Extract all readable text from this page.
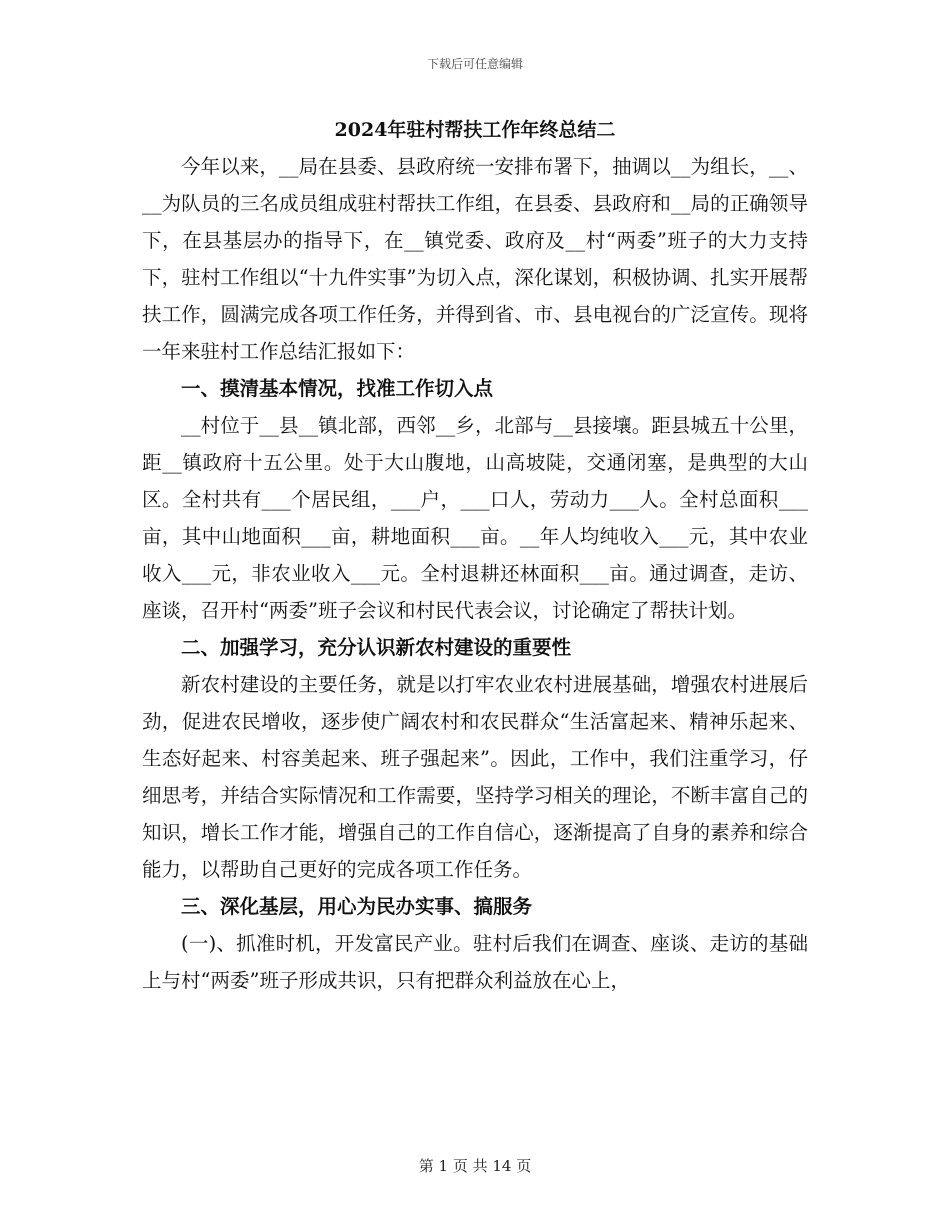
下载后可任意编辑
2024年驻村帮扶工作年终总结二

今年以来，__局在县委、县政府统一安排布署下，抽调以__为组长，__、__为队员的三名成员组成驻村帮扶工作组，在县委、县政府和__局的正确领导下，在县基层办的指导下，在__镇党委、政府及__村“两委”班子的大力支持下，驻村工作组以“十九件实事”为切入点，深化谋划，积极协调、扎实开展帮扶工作，圆满完成各项工作任务，并得到省、市、县电视台的广泛宣传。现将一年来驻村工作总结汇报如下：

一、摸清基本情况，找准工作切入点

__村位于__县__镇北部，西邻__乡，北部与__县接壤。距县城五十公里，距__镇政府十五公里。处于大山腹地，山高坡陡，交通闭塞，是典型的大山区。全村共有___个居民组，___户，___口人，劳动力___人。全村总面积___亩，其中山地面积___亩，耕地面积___亩。__年人均纯收入___元，其中农业收入___元，非农业收入___元。全村退耕还林面积___亩。通过调查，走访、座谈，召开村“两委”班子会议和村民代表会议，讨论确定了帮扶计划。

二、加强学习，充分认识新农村建设的重要性

新农村建设的主要任务，就是以打牢农业农村进展基础，增强农村进展后劲，促进农民增收，逐步使广阔农村和农民群众“生活富起来、精神乐起来、生态好起来、村容美起来、班子强起来”。因此，工作中，我们注重学习，仔细思考，并结合实际情况和工作需要，坚持学习相关的理论，不断丰富自己的知识，增长工作才能，增强自己的工作自信心，逐渐提高了自身的素养和综合能力，以帮助自己更好的完成各项工作任务。

三、深化基层，用心为民办实事、搞服务

(一)、抓准时机，开发富民产业。驻村后我们在调查、座谈、走访的基础上与村“两委”班子形成共识，只有把群众利益放在心上，

第 1 页 共 14 页
